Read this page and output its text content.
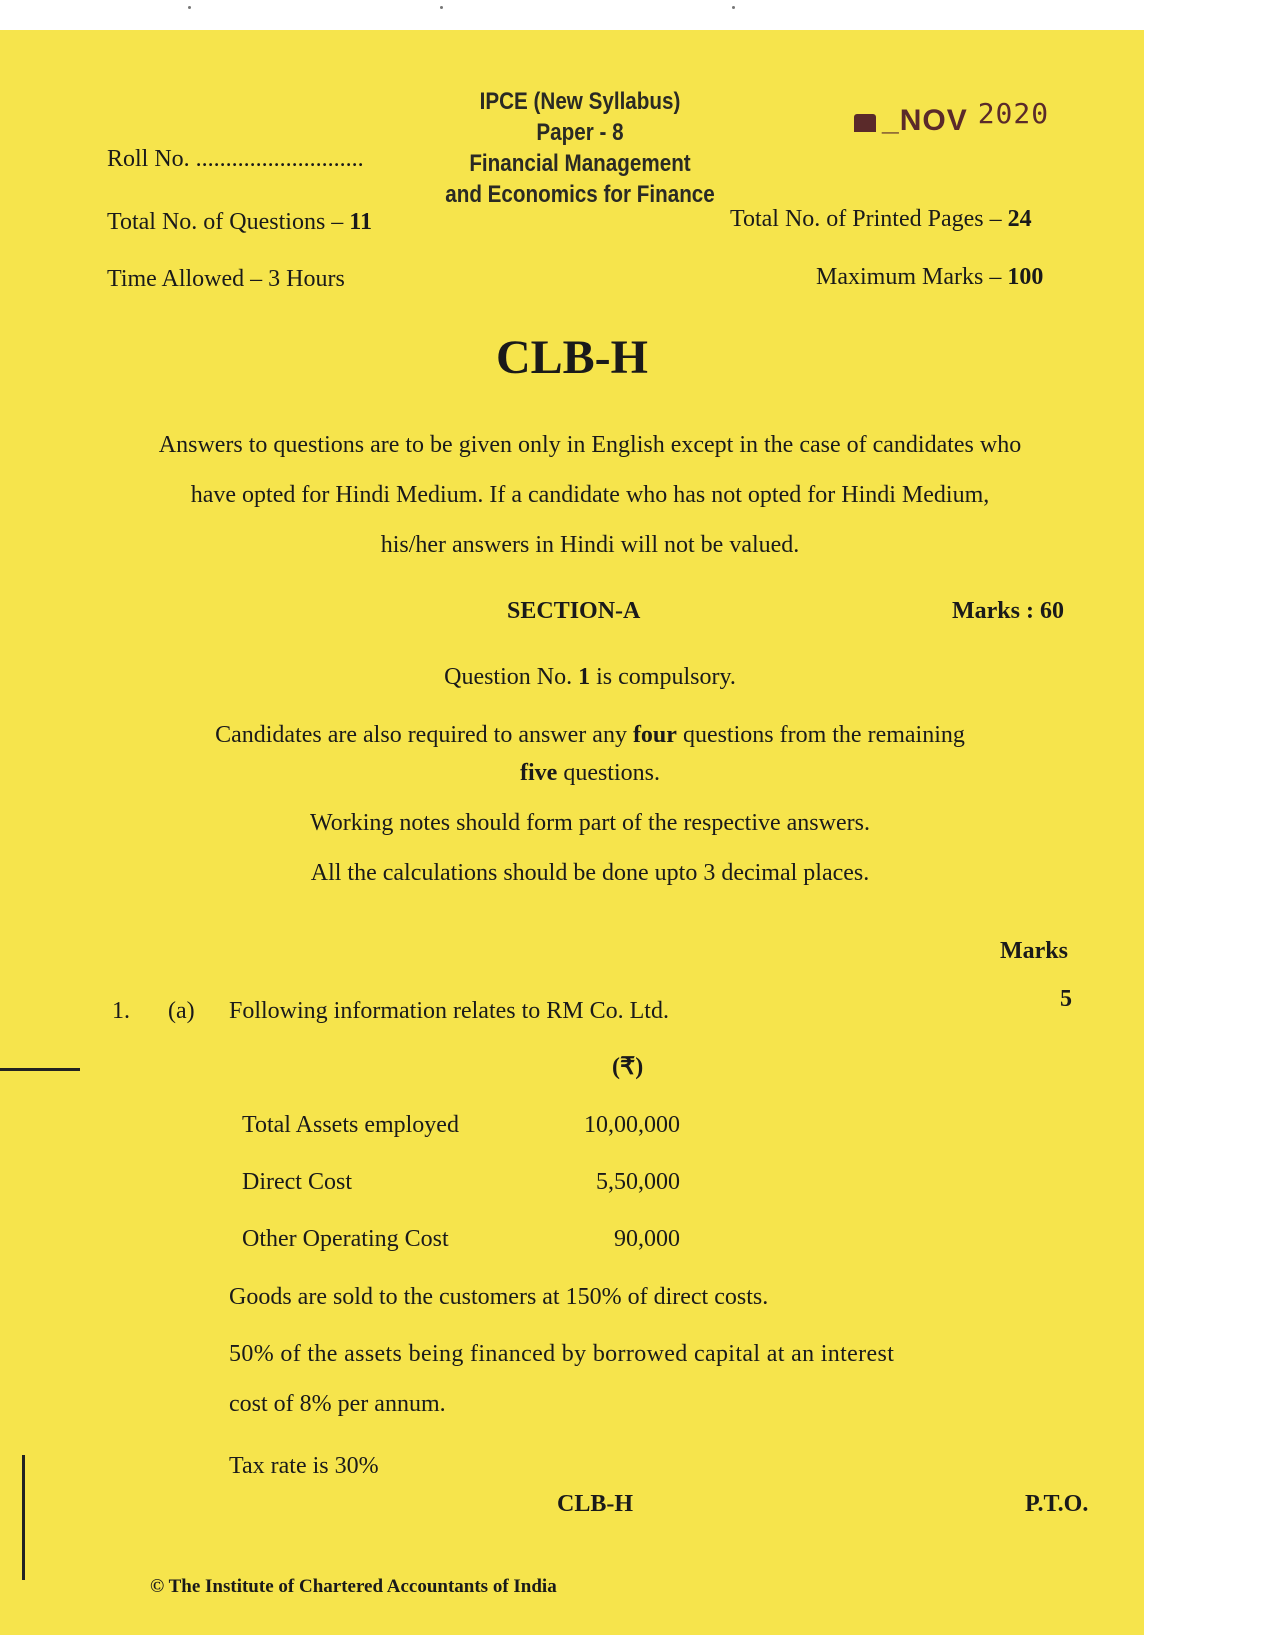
IPCE (New Syllabus)
Paper - 8
Financial Management
and Economics for Finance
_ NOV 2020
Roll No. ............................
Total No. of Questions – 11	Total No. of Printed Pages – 24
Time Allowed – 3 Hours	Maximum Marks – 100
CLB-H
Answers to questions are to be given only in English except in the case of candidates who
have opted for Hindi Medium. If a candidate who has not opted for Hindi Medium,
his/her answers in Hindi will not be valued.
SECTION-A	Marks : 60
Question No. 1 is compulsory.
Candidates are also required to answer any four questions from the remaining
five questions.
Working notes should form part of the respective answers.
All the calculations should be done upto 3 decimal places.
Marks
1. (a) Following information relates to RM Co. Ltd.	5
(₹)
Total Assets employed	10,00,000
Direct Cost	5,50,000
Other Operating Cost	90,000
Goods are sold to the customers at 150% of direct costs.
50% of the assets being financed by borrowed capital at an interest
cost of 8% per annum.
Tax rate is 30%
CLB-H	P.T.O.
© The Institute of Chartered Accountants of India
